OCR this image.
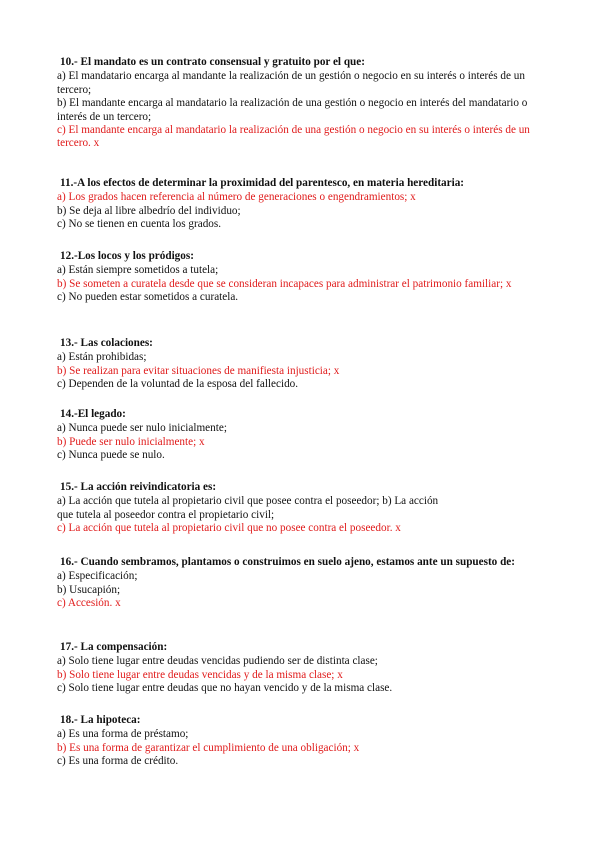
10.- El mandato es un contrato consensual y gratuito por el que:

a) El mandatario encarga al mandante la realización de un gestión o negocio en su interés o interés de un tercero;

b) El mandante encarga al mandatario la realización de una gestión o negocio en interés del mandatario o interés de un tercero;

c) El mandante encarga al mandatario la realización de una gestión o negocio en su interés o interés de un tercero. x

11.-A los efectos de determinar la proximidad del parentesco, en materia hereditaria:

a) Los grados hacen referencia al número de generaciones o engendramientos; x

b) Se deja al libre albedrío del individuo;

c) No se tienen en cuenta los grados.

12.-Los locos y los pródigos:

a) Están siempre sometidos a tutela;

b) Se someten a curatela desde que se consideran incapaces para administrar el patrimonio familiar; x

c) No pueden estar sometidos a curatela.

13.- Las colaciones:

a) Están prohibidas;

b) Se realizan para evitar situaciones de manifiesta injusticia; x

c) Dependen de la voluntad de la esposa del fallecido.

14.-El legado:

a) Nunca puede ser nulo inicialmente;

b) Puede ser nulo inicialmente; x

c) Nunca puede se nulo.

15.- La acción reivindicatoria es:

a) La acción que tutela al propietario civil que posee contra el poseedor; b) La acción que tutela al poseedor contra el propietario civil;

c) La acción que tutela al propietario civil que no posee contra el poseedor. x

16.- Cuando sembramos, plantamos o construimos en suelo ajeno, estamos ante un supuesto de:

a) Especificación;

b) Usucapión;

c) Accesión. x

17.- La compensación:

a) Solo tiene lugar entre deudas vencidas pudiendo ser de distinta clase;

b) Solo tiene lugar entre deudas vencidas y de la misma clase; x

c) Solo tiene lugar entre deudas que no hayan vencido y de la misma clase.

18.- La hipoteca:

a) Es una forma de préstamo;

b) Es una forma de garantizar el cumplimiento de una obligación; x

c) Es una forma de crédito.
